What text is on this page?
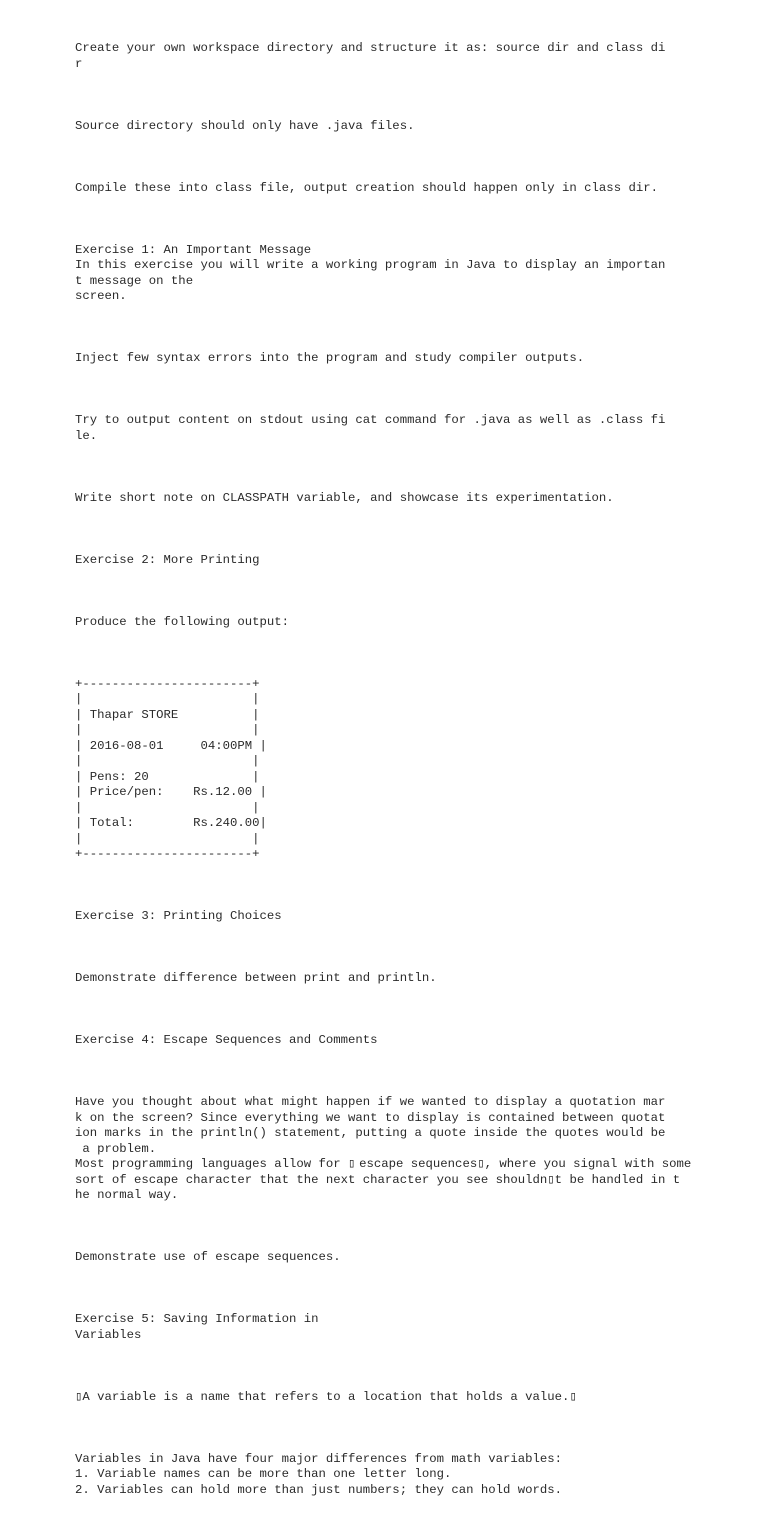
Create your own workspace directory and structure it as: source dir and class di
r

Source directory should only have .java files.

Compile these into class file, output creation should happen only in class dir.

Exercise 1: An Important Message
In this exercise you will write a working program in Java to display an importan
t message on the
screen.

Inject few syntax errors into the program and study compiler outputs.

Try to output content on stdout using cat command for .java as well as .class fi
le.

Write short note on CLASSPATH variable, and showcase its experimentation.

Exercise 2: More Printing

Produce the following output:

+-----------------------+
|                       |
| Thapar STORE          |
|                       |
| 2016-08-01     04:00PM |
|                       |
| Pens: 20              |
| Price/pen:    Rs.12.00 |
|                       |
| Total:        Rs.240.00|
|                       |
+-----------------------+

Exercise 3: Printing Choices

Demonstrate difference between print and println.

Exercise 4: Escape Sequences and Comments

Have you thought about what might happen if we wanted to display a quotation mar
k on the screen? Since everything we want to display is contained between quotat
ion marks in the println() statement, putting a quote inside the quotes would be
a problem.
Most programming languages allow for ▯ escape sequences▯, where you signal with some
sort of escape character that the next character you see shouldn▯t be handled in t
he normal way.

Demonstrate use of escape sequences.

Exercise 5: Saving Information in
Variables

▯A variable is a name that refers to a location that holds a value.▯

Variables in Java have four major differences from math variables:
1. Variable names can be more than one letter long.
2. Variables can hold more than just numbers; they can hold words.
